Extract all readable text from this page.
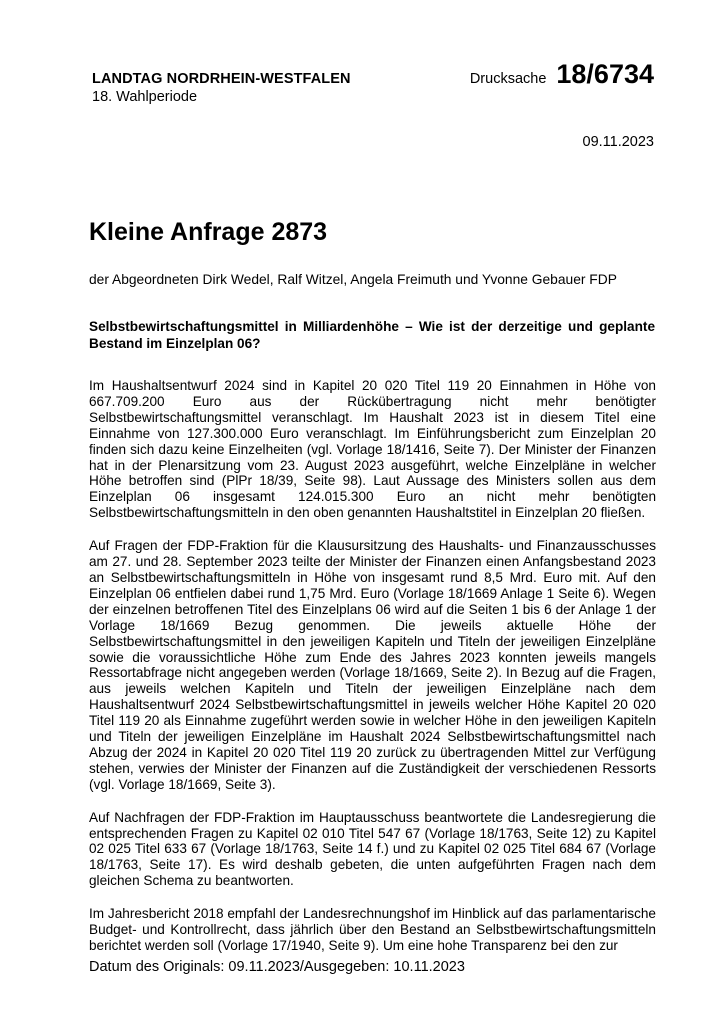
LANDTAG NORDRHEIN-WESTFALEN
18. Wahlperiode
Drucksache 18/6734
09.11.2023
Kleine Anfrage 2873
der Abgeordneten Dirk Wedel, Ralf Witzel, Angela Freimuth und Yvonne Gebauer FDP
Selbstbewirtschaftungsmittel in Milliardenhöhe – Wie ist der derzeitige und geplante Bestand im Einzelplan 06?

Im Haushaltsentwurf 2024 sind in Kapitel 20 020 Titel 119 20 Einnahmen in Höhe von 667.709.200 Euro aus der Rückübertragung nicht mehr benötigter Selbstbewirtschaftungsmittel veranschlagt. Im Haushalt 2023 ist in diesem Titel eine Einnahme von 127.300.000 Euro veranschlagt. Im Einführungsbericht zum Einzelplan 20 finden sich dazu keine Einzelheiten (vgl. Vorlage 18/1416, Seite 7). Der Minister der Finanzen hat in der Plenarsitzung vom 23. August 2023 ausgeführt, welche Einzelpläne in welcher Höhe betroffen sind (PlPr 18/39, Seite 98). Laut Aussage des Ministers sollen aus dem Einzelplan 06 insgesamt 124.015.300 Euro an nicht mehr benötigten Selbstbewirtschaftungsmitteln in den oben genannten Haushaltstitel in Einzelplan 20 fließen.

Auf Fragen der FDP-Fraktion für die Klausursitzung des Haushalts- und Finanzausschusses am 27. und 28. September 2023 teilte der Minister der Finanzen einen Anfangsbestand 2023 an Selbstbewirtschaftungsmitteln in Höhe von insgesamt rund 8,5 Mrd. Euro mit. Auf den Einzelplan 06 entfielen dabei rund 1,75 Mrd. Euro (Vorlage 18/1669 Anlage 1 Seite 6). Wegen der einzelnen betroffenen Titel des Einzelplans 06 wird auf die Seiten 1 bis 6 der Anlage 1 der Vorlage 18/1669 Bezug genommen. Die jeweils aktuelle Höhe der Selbstbewirtschaftungsmittel in den jeweiligen Kapiteln und Titeln der jeweiligen Einzelpläne sowie die voraussichtliche Höhe zum Ende des Jahres 2023 konnten jeweils mangels Ressortabfrage nicht angegeben werden (Vorlage 18/1669, Seite 2). In Bezug auf die Fragen, aus jeweils welchen Kapiteln und Titeln der jeweiligen Einzelpläne nach dem Haushaltsentwurf 2024 Selbstbewirtschaftungsmittel in jeweils welcher Höhe Kapitel 20 020 Titel 119 20 als Einnahme zugeführt werden sowie in welcher Höhe in den jeweiligen Kapiteln und Titeln der jeweiligen Einzelpläne im Haushalt 2024 Selbstbewirtschaftungsmittel nach Abzug der 2024 in Kapitel 20 020 Titel 119 20 zurück zu übertragenden Mittel zur Verfügung stehen, verwies der Minister der Finanzen auf die Zuständigkeit der verschiedenen Ressorts (vgl. Vorlage 18/1669, Seite 3).

Auf Nachfragen der FDP-Fraktion im Hauptausschuss beantwortete die Landesregierung die entsprechenden Fragen zu Kapitel 02 010 Titel 547 67 (Vorlage 18/1763, Seite 12) zu Kapitel 02 025 Titel 633 67 (Vorlage 18/1763, Seite 14 f.) und zu Kapitel 02 025 Titel 684 67 (Vorlage 18/1763, Seite 17). Es wird deshalb gebeten, die unten aufgeführten Fragen nach dem gleichen Schema zu beantworten.

Im Jahresbericht 2018 empfahl der Landesrechnungshof im Hinblick auf das parlamentarische Budget- und Kontrollrecht, dass jährlich über den Bestand an Selbstbewirtschaftungsmitteln berichtet werden soll (Vorlage 17/1940, Seite 9). Um eine hohe Transparenz bei den zur

Datum des Originals: 09.11.2023/Ausgegeben: 10.11.2023
